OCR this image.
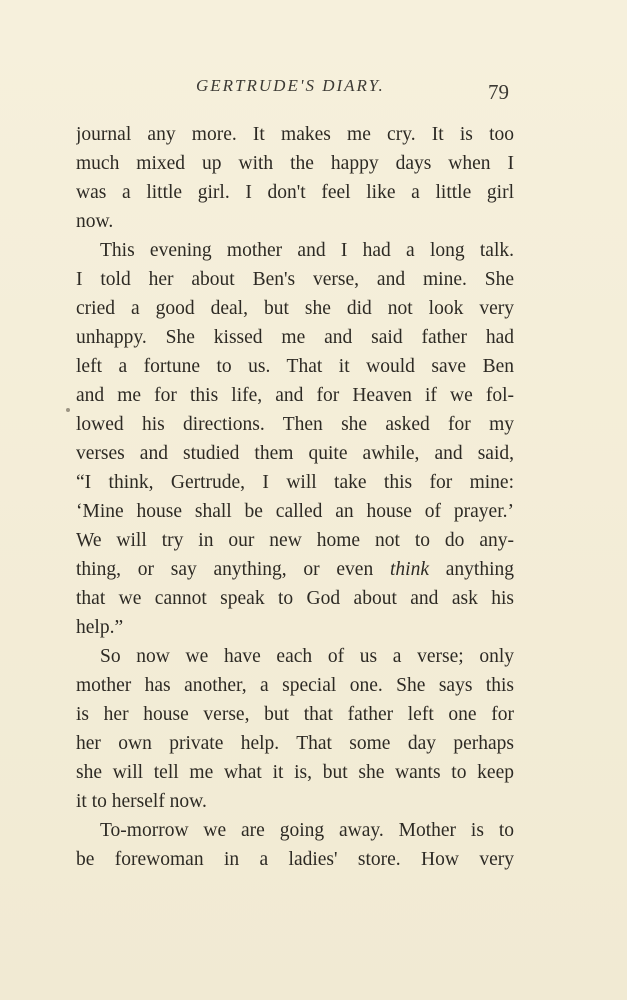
GERTRUDE'S DIARY.	79
journal any more. It makes me cry. It is too
much mixed up with the happy days when I
was a little girl. I don't feel like a little girl
now.
This evening mother and I had a long talk.
I told her about Ben's verse, and mine. She
cried a good deal, but she did not look very
unhappy. She kissed me and said father had
left a fortune to us. That it would save Ben
and me for this life, and for Heaven if we fol-
lowed his directions. Then she asked for my
verses and studied them quite awhile, and said,
“I think, Gertrude, I will take this for mine:
‘Mine house shall be called an house of prayer.’
We will try in our new home not to do any-
thing, or say anything, or even think anything
that we cannot speak to God about and ask his
help.”
So now we have each of us a verse; only
mother has another, a special one. She says this
is her house verse, but that father left one for
her own private help. That some day perhaps
she will tell me what it is, but she wants to keep
it to herself now.
To-morrow we are going away. Mother is to
be forewoman in a ladies' store. How very
